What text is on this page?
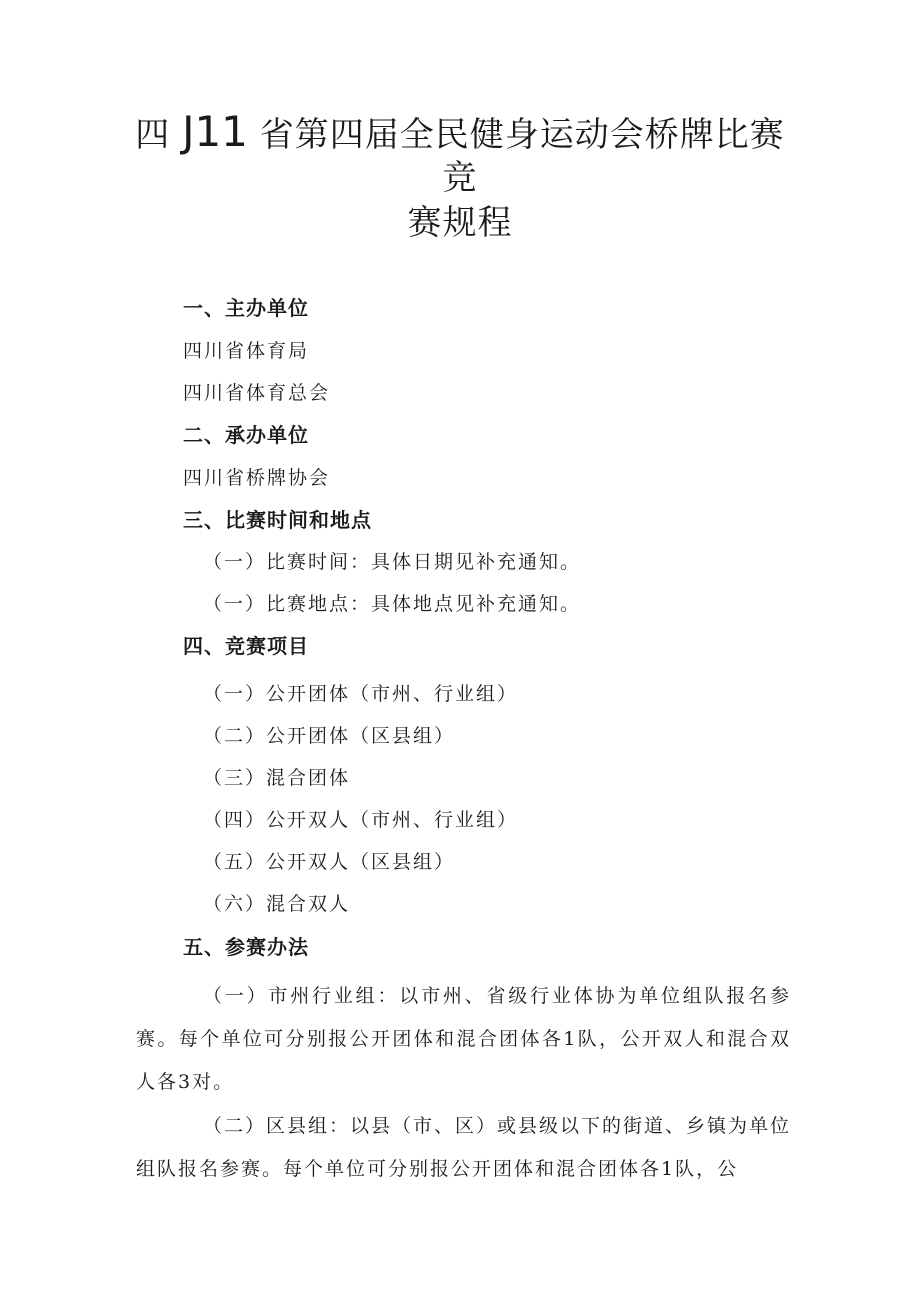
四 J11 省第四届全民健身运动会桥牌比赛
竞
赛规程
一、主办单位

四川省体育局

四川省体育总会

二、承办单位

四川省桥牌协会

三、比赛时间和地点

（一）比赛时间：具体日期见补充通知。

（一）比赛地点：具体地点见补充通知。

四、竞赛项目

（一）公开团体（市州、行业组）

（二）公开团体（区县组）

（三）混合团体

（四）公开双人（市州、行业组）

（五）公开双人（区县组）

（六）混合双人

五、参赛办法

（一）市州行业组：以市州、省级行业体协为单位组队报名参赛。每个单位可分别报公开团体和混合团体各1队，公开双人和混合双人各3对。

（二）区县组：以县（市、区）或县级以下的街道、乡镇为单位组队报名参赛。每个单位可分别报公开团体和混合团体各1队，公
